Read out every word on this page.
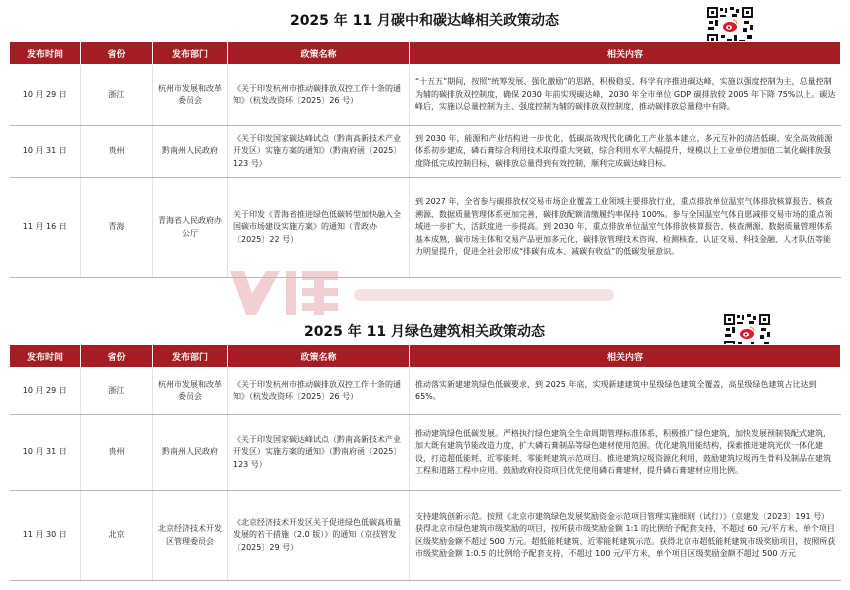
2025 年 11 月碳中和碳达峰相关政策动态
发布时间	省份	发布部门	政策名称	相关内容
10 月 29 日	浙江	杭州市发展和改革委员会	《关于印发杭州市推动碳排放双控工作十条的通知》（杭发改资环〔2025〕26 号）	“十五五”期间，按照“统筹发展、强化激励”的思路，积极稳妥、科学有序推进碳达峰，实施以强度控制为主，总量控制为辅的碳排放双控制度，确保 2030 年前实现碳达峰，2030 年全市单位 GDP 碳排放较 2005 年下降 75%以上。碳达峰后，实施以总量控制为主、强度控制为辅的碳排放双控制度，推动碳排放总量稳中有降。
10 月 31 日	贵州	黔南州人民政府	《关于印发国家碳达峰试点（黔南高新技术产业开发区）实施方案的通知》（黔南府函〔2025〕123 号）	到 2030 年，能源和产业结构进一步优化，低碳高效现代化磷化工产业基本建立，多元互补的清洁低碳、安全高效能源体系初步建成，磷石膏综合利用技术取得重大突破，综合利用水平大幅提升，规模以上工业单位增加值二氧化碳排放强度降低完成控制目标，碳排放总量得到有效控制，顺利完成碳达峰目标。
11 月 16 日	青海	青海省人民政府办公厅	关于印发《青海省推进绿色低碳转型加快融入全国碳市场建设实施方案》的通知（青政办〔2025〕22 号）	到 2027 年，全省参与碳排放权交易市场企业覆盖工业领域主要排放行业，重点排放单位温室气体排放核算报告、核查溯源、数据质量管理体系更加完善，碳排放配额清缴履约率保持 100%。参与全国温室气体自愿减排交易市场的重点领域进一步扩大，活跃度进一步提高。到 2030 年，重点排放单位温室气体排放核算报告、核查溯源、数据质量管理体系基本成熟，碳市场主体和交易产品更加多元化，碳排放管理技术咨询、检测核查、认证交易、科技金融、人才队伍等能力明显提升，促进全社会形成“排碳有成本、减碳有收益”的低碳发展意识。
2025 年 11 月绿色建筑相关政策动态
发布时间	省份	发布部门	政策名称	相关内容
10 月 29 日	浙江	杭州市发展和改革委员会	《关于印发杭州市推动碳排放双控工作十条的通知》（杭发改资环〔2025〕26 号）	推动落实新建建筑绿色低碳要求，到 2025 年底，实现新建建筑中星级绿色建筑全覆盖，高星级绿色建筑占比达到 65%。
10 月 31 日	贵州	黔南州人民政府	《关于印发国家碳达峰试点（黔南高新技术产业开发区）实施方案的通知》（黔南府函〔2025〕123 号）	推动建筑绿色低碳发展。严格执行绿色建筑全生命周期管理标准体系，积极推广绿色建筑，加快发展预制装配式建筑，加大既有建筑节能改造力度，扩大磷石膏制品等绿色建材使用范围。优化建筑用能结构，探索推进建筑光伏一体化建设，打造超低能耗、近零能耗、零能耗建筑示范项目。推进建筑垃圾资源化利用，鼓励建筑垃圾再生骨料及制品在建筑工程和道路工程中应用。鼓励政府投资项目优先使用磷石膏建材，提升磷石膏建材应用比例。
11 月 30 日	北京	北京经济技术开发区管理委员会	《北京经济技术开发区关于促进绿色低碳高质量发展的若干措施（2.0 版）》的通知（京技管发〔2025〕29 号）	支持建筑创新示范。按照《北京市建筑绿色发展奖励资金示范项目管理实施细则（试行）》（京建发〔2023〕191 号）获得北京市绿色建筑市级奖励的项目，按所获市级奖励金额 1:1 的比例给予配套支持，不超过 60 元/平方米，单个项目区级奖励金额不超过 500 万元。超低能耗建筑、近零能耗建筑示范。获得北京市超低能耗建筑市级奖励项目，按照所获市级奖励金额 1:0.5 的比例给予配套支持，不超过 100 元/平方米，单个项目区级奖励金额不超过 500 万元
